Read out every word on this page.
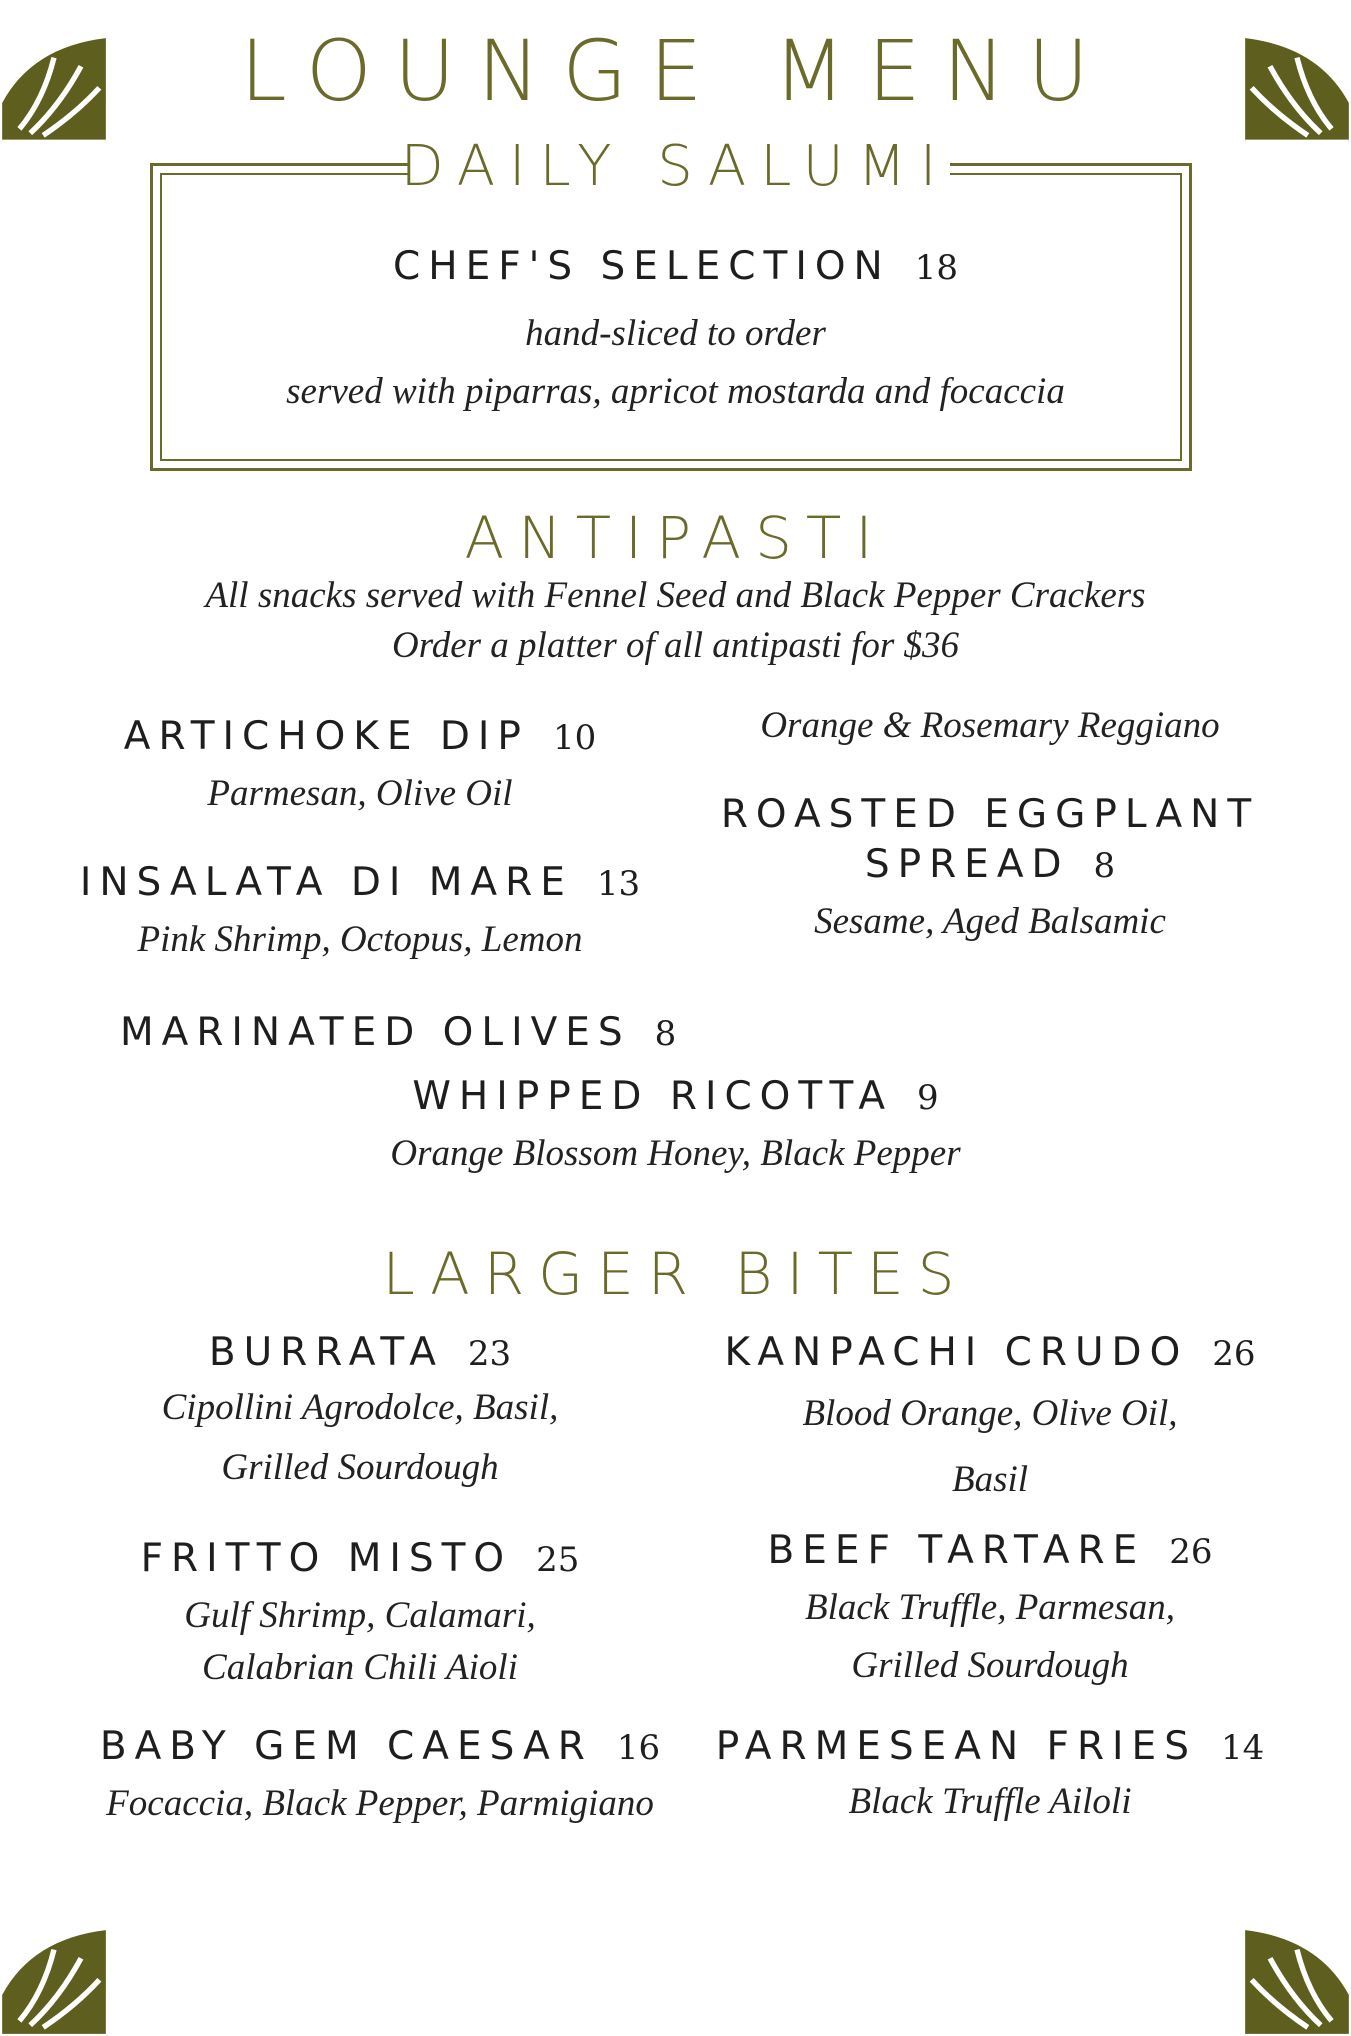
LOUNGE MENU
DAILY SALUMI
CHEF'S SELECTION 18
hand-sliced to order
served with piparras, apricot mostarda and focaccia
ANTIPASTI
All snacks served with Fennel Seed and Black Pepper Crackers
Order a platter of all antipasti for $36
ARTICHOKE DIP 10
Parmesan, Olive Oil
INSALATA DI MARE 13
Pink Shrimp, Octopus, Lemon
MARINATED OLIVES 8
WHIPPED RICOTTA 9
Orange Blossom Honey, Black Pepper
Orange & Rosemary Reggiano
ROASTED EGGPLANT
SPREAD 8
Sesame, Aged Balsamic
LARGER BITES
BURRATA 23
Cipollini Agrodolce, Basil,
Grilled Sourdough
FRITTO MISTO 25
Gulf Shrimp, Calamari,
Calabrian Chili Aioli
BABY GEM CAESAR 16
Focaccia, Black Pepper, Parmigiano
KANPACHI CRUDO 26
Blood Orange, Olive Oil,
Basil
BEEF TARTARE 26
Black Truffle, Parmesan,
Grilled Sourdough
PARMESEAN FRIES 14
Black Truffle Ailoli
